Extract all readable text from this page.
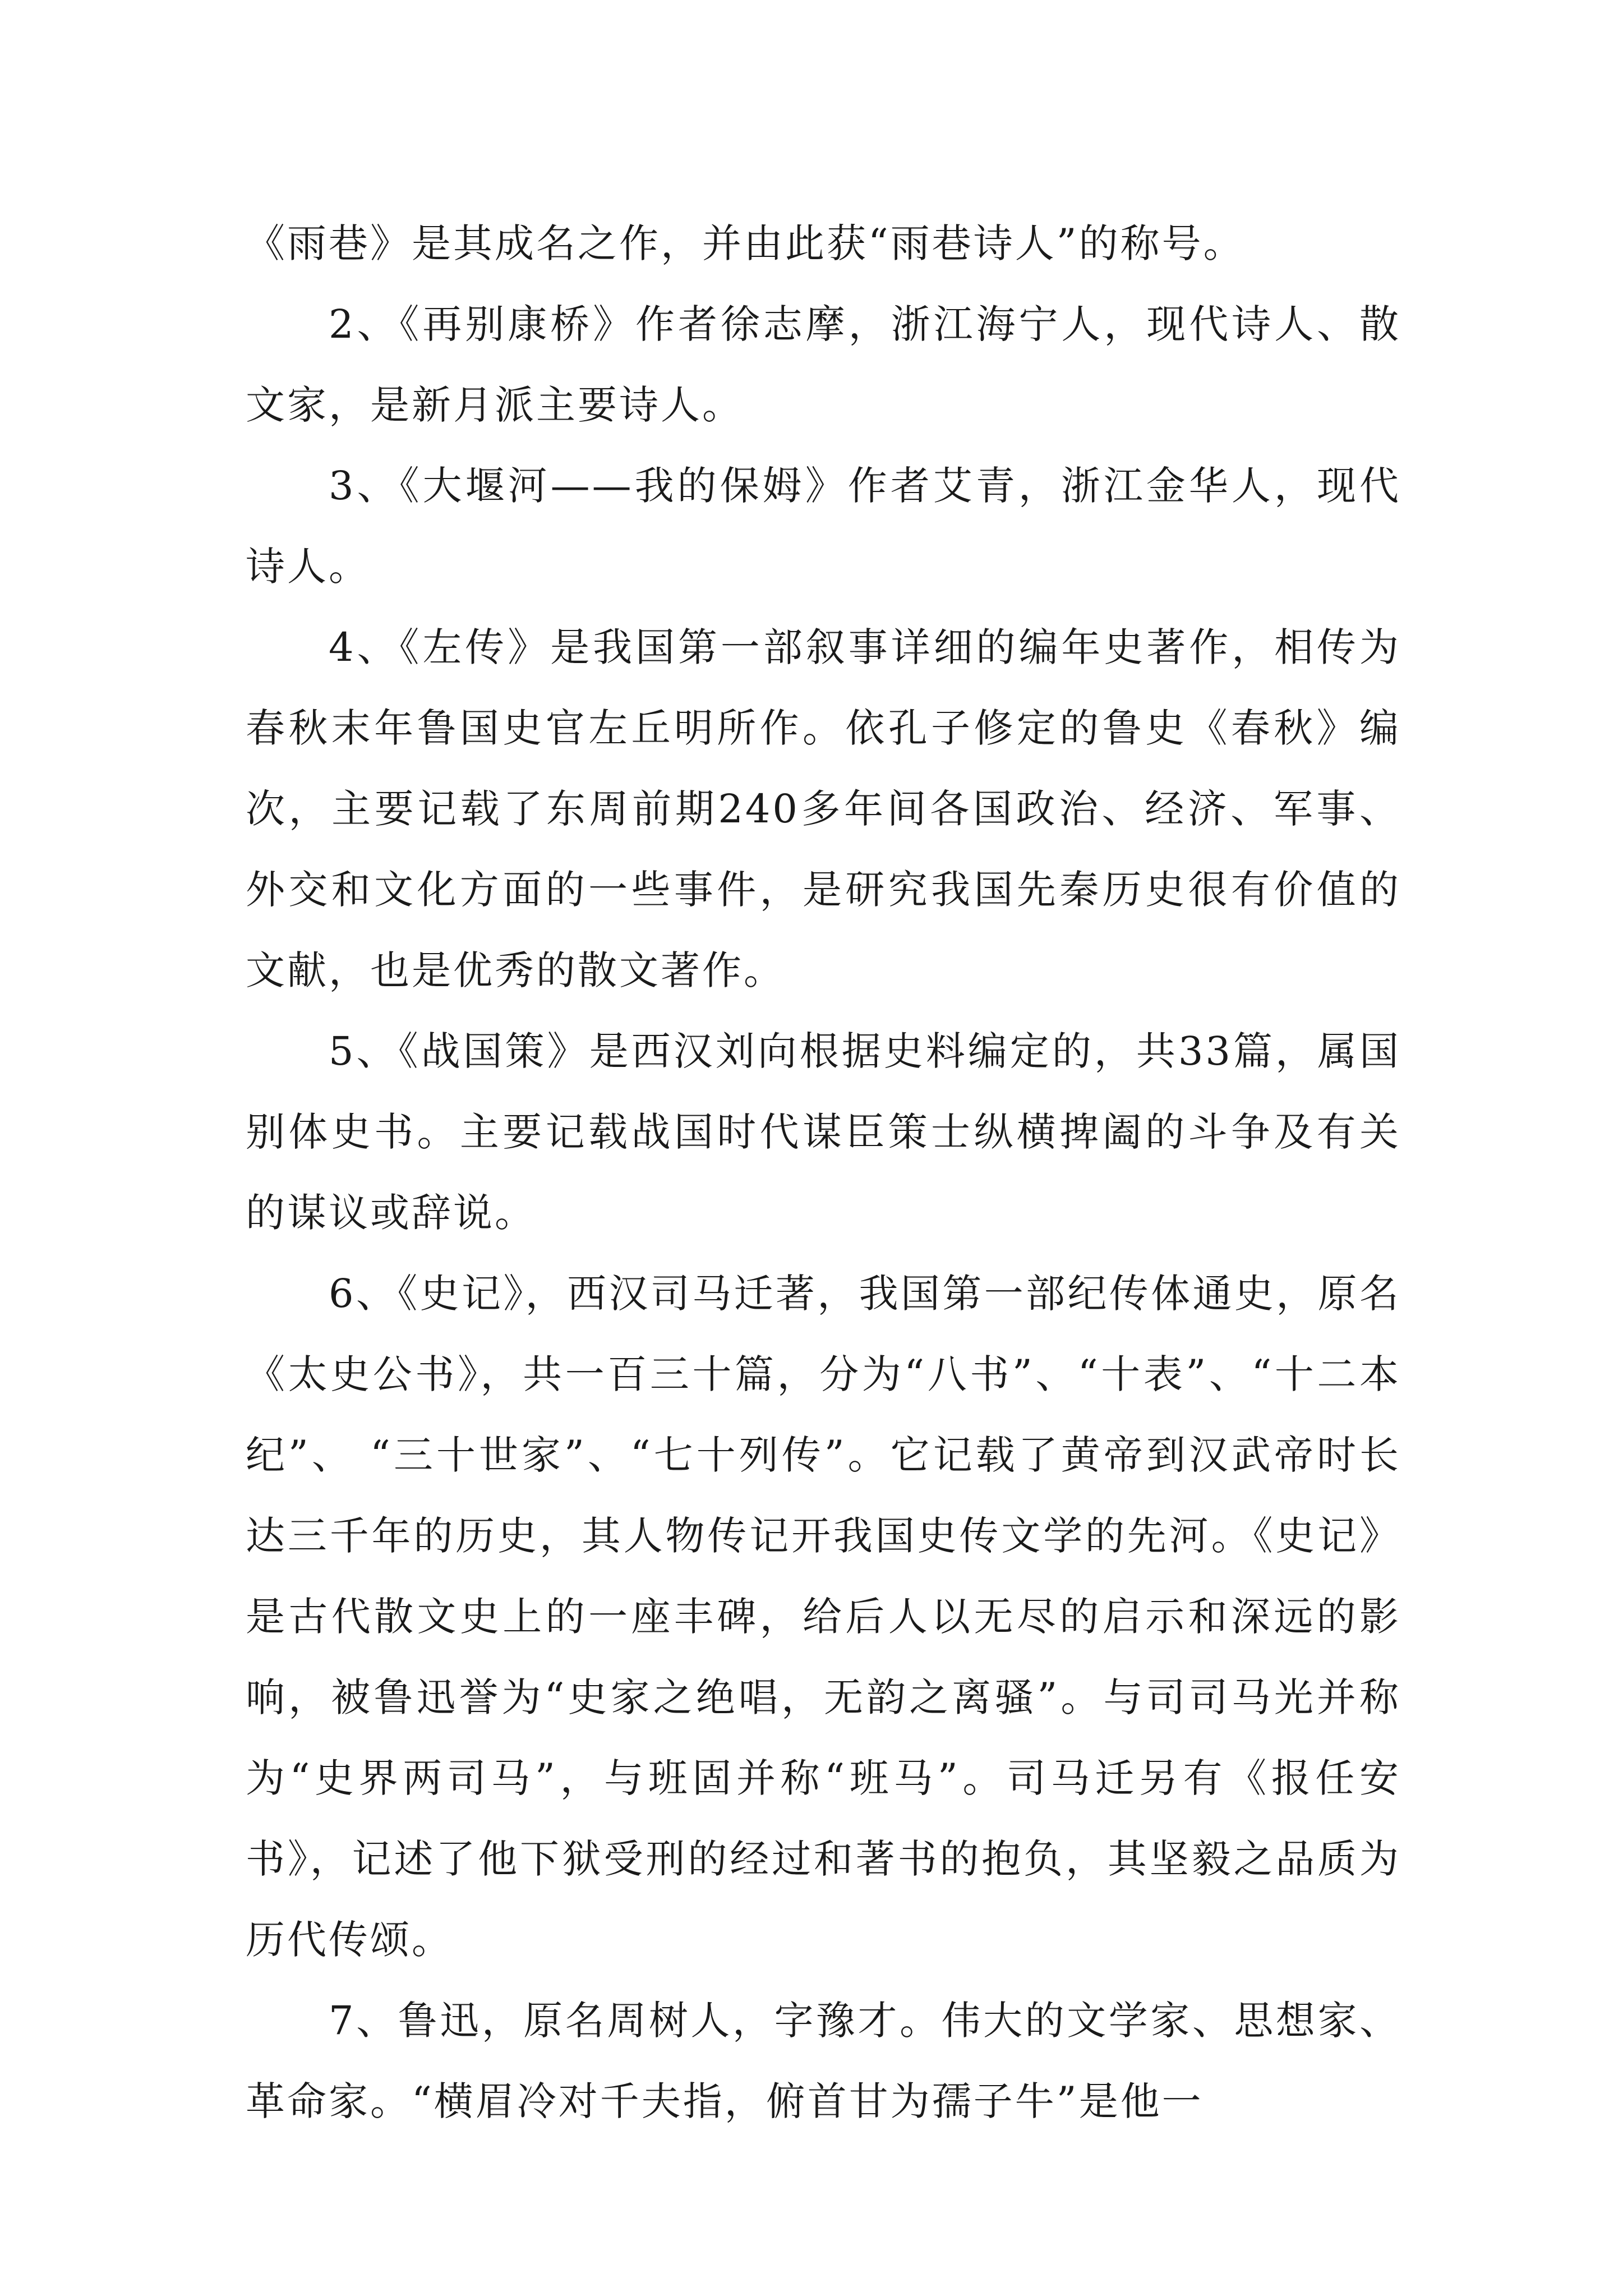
《雨巷》是其成名之作，并由此获“雨巷诗人”的称号。

2、《再别康桥》作者徐志摩，浙江海宁人，现代诗人、散文家，是新月派主要诗人。

3、《大堰河——我的保姆》作者艾青，浙江金华人，现代诗人。

4、《左传》是我国第一部叙事详细的编年史著作，相传为春秋末年鲁国史官左丘明所作。依孔子修定的鲁史《春秋》编次，主要记载了东周前期240多年间各国政治、经济、军事、外交和文化方面的一些事件，是研究我国先秦历史很有价值的文献，也是优秀的散文著作。

5、《战国策》是西汉刘向根据史料编定的，共33篇，属国别体史书。主要记载战国时代谋臣策士纵横捭阖的斗争及有关的谋议或辞说。

6、《史记》，西汉司马迁著，我国第一部纪传体通史，原名《太史公书》，共一百三十篇，分为“八书”、“十表”、“十二本纪”、 “三十世家”、“七十列传”。它记载了黄帝到汉武帝时长达三千年的历史，其人物传记开我国史传文学的先河。《史记》是古代散文史上的一座丰碑，给后人以无尽的启示和深远的影响，被鲁迅誉为“史家之绝唱，无韵之离骚”。与司司马光并称为“史界两司马”，与班固并称“班马”。司马迁另有《报任安书》，记述了他下狱受刑的经过和著书的抱负，其坚毅之品质为历代传颂。

7、鲁迅，原名周树人，字豫才。伟大的文学家、思想家、革命家。“横眉冷对千夫指，俯首甘为孺子牛”是他一
